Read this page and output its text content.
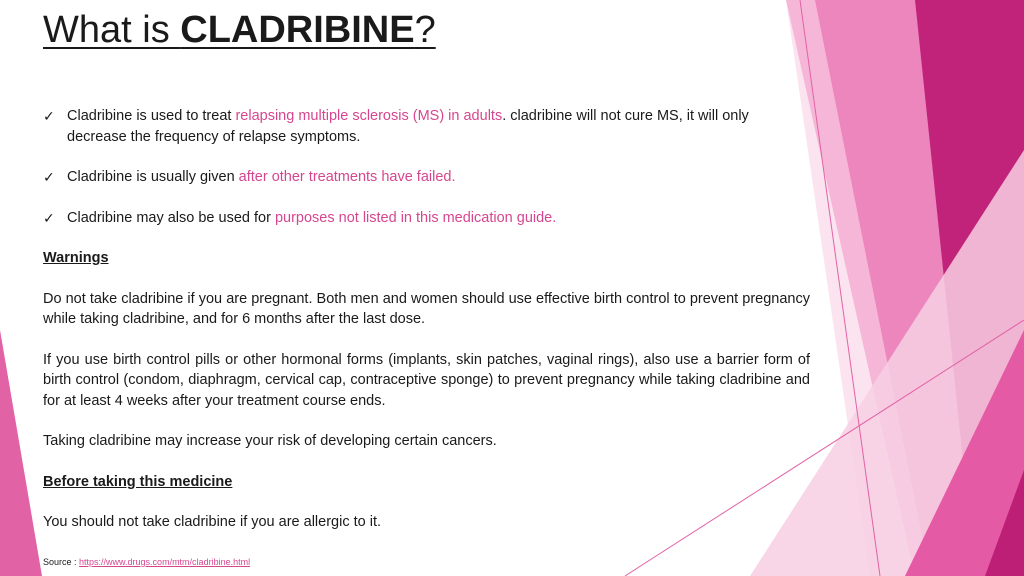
What is CLADRIBINE?
✓ Cladribine is used to treat relapsing multiple sclerosis (MS) in adults. cladribine will not cure MS, it will only decrease the frequency of relapse symptoms.
✓ Cladribine is usually given after other treatments have failed.
✓ Cladribine may also be used for purposes not listed in this medication guide.
Warnings

Do not take cladribine if you are pregnant. Both men and women should use effective birth control to prevent pregnancy while taking cladribine, and for 6 months after the last dose.

If you use birth control pills or other hormonal forms (implants, skin patches, vaginal rings), also use a barrier form of birth control (condom, diaphragm, cervical cap, contraceptive sponge) to prevent pregnancy while taking cladribine and for at least 4 weeks after your treatment course ends.

Taking cladribine may increase your risk of developing certain cancers.

Before taking this medicine

You should not take cladribine if you are allergic to it.

Source : https://www.drugs.com/mtm/cladribine.html
